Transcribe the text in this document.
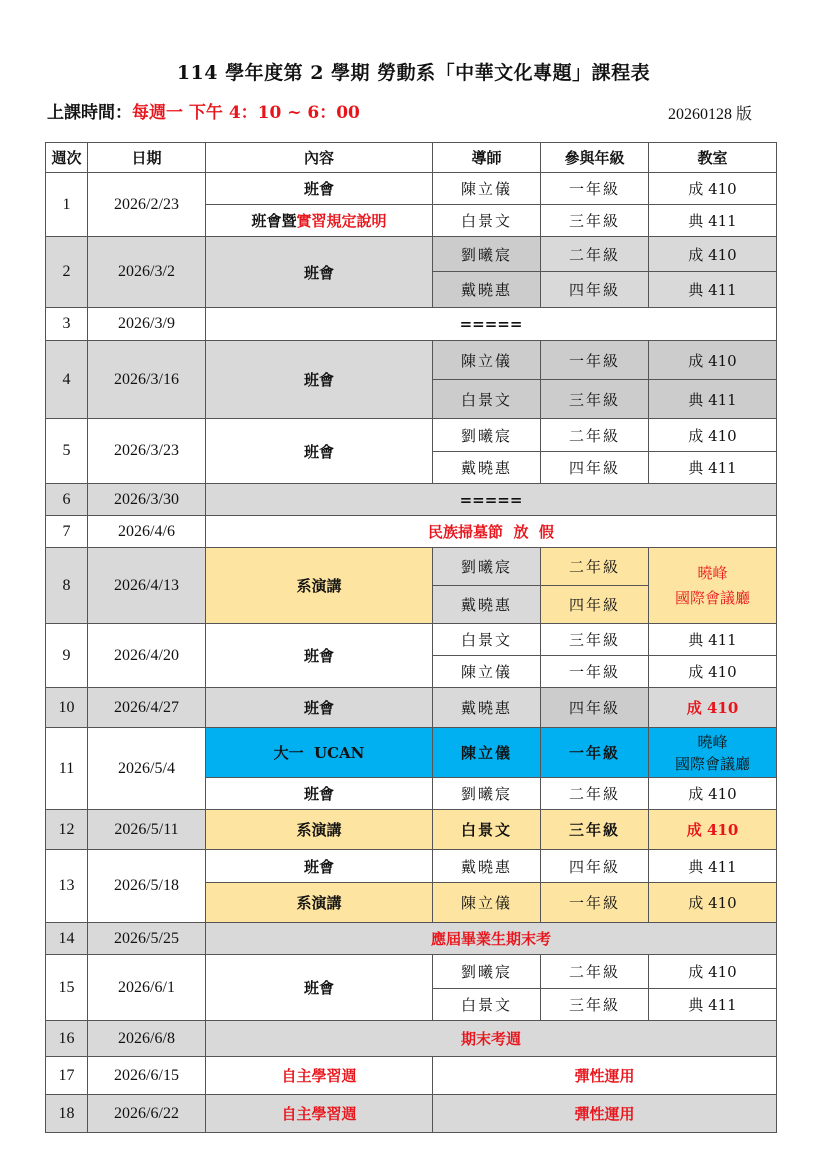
114 學年度第 2 學期 勞動系「中華文化專題」課程表
上課時間：每週一 下午 4：10 ~ 6：00	20260128 版
週次	日期	內容	導師	參與年級	教室
1	2026/2/23	班會	陳立儀	一年級	成 410
		班會暨實習規定說明	白景文	三年級	典 411
2	2026/3/2	班會	劉曦宸	二年級	成 410
			戴曉惠	四年級	典 411
3	2026/3/9	=====			
4	2026/3/16	班會	陳立儀	一年級	成 410
			白景文	三年級	典 411
5	2026/3/23	班會	劉曦宸	二年級	成 410
			戴曉惠	四年級	典 411
6	2026/3/30	=====			
7	2026/4/6	民族掃墓節  放  假			
8	2026/4/13	系演講	劉曦宸	二年級	曉峰
國際會議廳

			戴曉惠	四年級	
9	2026/4/20	班會	白景文	三年級	典 411
			陳立儀	一年級	成 410
10	2026/4/27	班會	戴曉惠	四年級	成 410
11	2026/5/4	大一  UCAN	陳立儀	一年級	曉峰
國際會議廳

		班會	劉曦宸	二年級	成 410
12	2026/5/11	系演講	白景文	三年級	成 410
13	2026/5/18	班會	戴曉惠	四年級	典 411
		系演講	陳立儀	一年級	成 410
14	2026/5/25	應屆畢業生期末考			
15	2026/6/1	班會	劉曦宸	二年級	成 410
			白景文	三年級	典 411
16	2026/6/8	期末考週			
17	2026/6/15	自主學習週	彈性運用		
18	2026/6/22	自主學習週	彈性運用		
